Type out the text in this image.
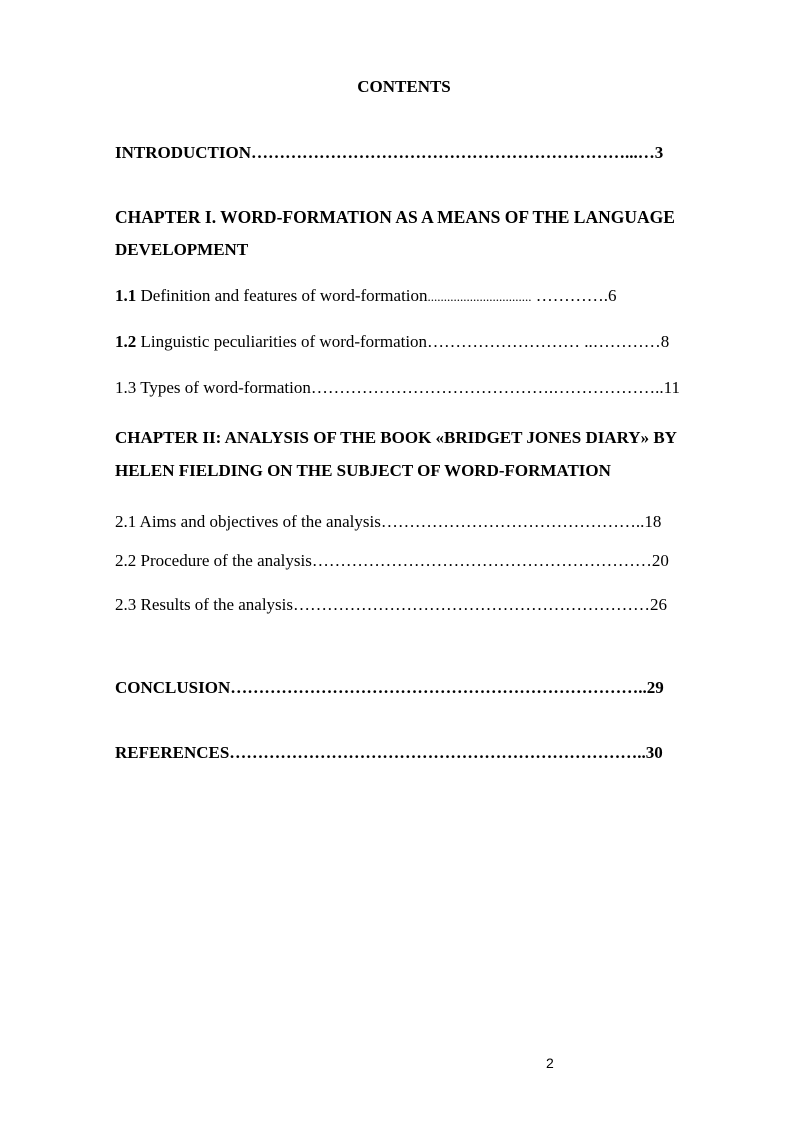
CONTENTS
INTRODUCTION…………………………………………………………...…3
CHAPTER I. WORD-FORMATION AS A MEANS OF THE LANGUAGE
DEVELOPMENT
1.1 Definition and features of word-formation................................ ………….6
1.2 Linguistic peculiarities of word-formation……………………… ..…………8
1.3 Types of word-formation…………………………………….………………..11
CHAPTER II: ANALYSIS OF THE BOOK «BRIDGET JONES DIARY» BY
HELEN FIELDING ON THE SUBJECT OF WORD-FORMATION
2.1 Aims and objectives of the analysis………………………………………..18
2.2 Procedure of the analysis……………………………………………………20
2.3 Results of the analysis………………………………………………………26
CONCLUSION………………………………………………………………..29
REFERENCES………………………………………………………………..30
2
